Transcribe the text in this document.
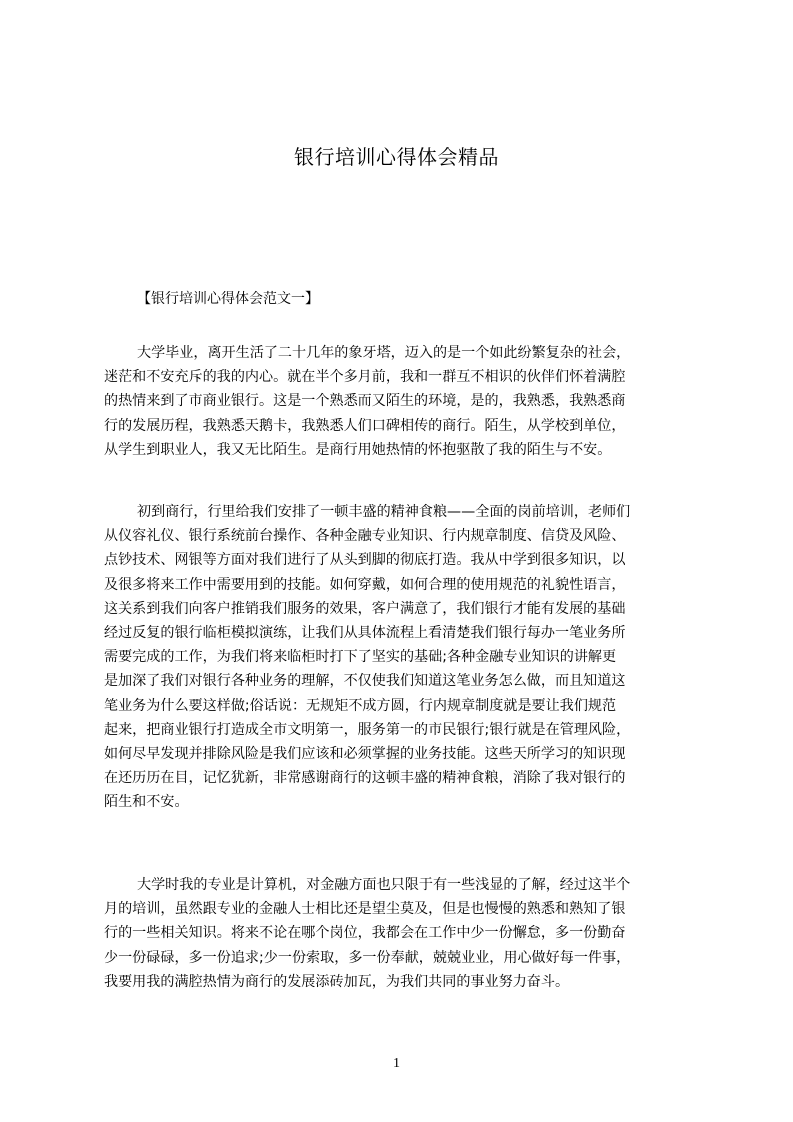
银行培训心得体会精品
【银行培训心得体会范文一】
大学毕业，离开生活了二十几年的象牙塔，迈入的是一个如此纷繁复杂的社会，
迷茫和不安充斥的我的内心。就在半个多月前，我和一群互不相识的伙伴们怀着满腔
的热情来到了市商业银行。这是一个熟悉而又陌生的环境，是的，我熟悉，我熟悉商
行的发展历程，我熟悉天鹅卡，我熟悉人们口碑相传的商行。陌生，从学校到单位，
从学生到职业人，我又无比陌生。是商行用她热情的怀抱驱散了我的陌生与不安。
初到商行，行里给我们安排了一顿丰盛的精神食粮——全面的岗前培训，老师们
从仪容礼仪、银行系统前台操作、各种金融专业知识、行内规章制度、信贷及风险、
点钞技术、网银等方面对我们进行了从头到脚的彻底打造。我从中学到很多知识，以
及很多将来工作中需要用到的技能。如何穿戴，如何合理的使用规范的礼貌性语言，
这关系到我们向客户推销我们服务的效果，客户满意了，我们银行才能有发展的基础
经过反复的银行临柜模拟演练，让我们从具体流程上看清楚我们银行每办一笔业务所
需要完成的工作，为我们将来临柜时打下了坚实的基础;各种金融专业知识的讲解更
是加深了我们对银行各种业务的理解，不仅使我们知道这笔业务怎么做，而且知道这
笔业务为什么要这样做;俗话说：无规矩不成方圆，行内规章制度就是要让我们规范
起来，把商业银行打造成全市文明第一，服务第一的市民银行;银行就是在管理风险，
如何尽早发现并排除风险是我们应该和必须掌握的业务技能。这些天所学习的知识现
在还历历在目，记忆犹新，非常感谢商行的这顿丰盛的精神食粮，消除了我对银行的
陌生和不安。
大学时我的专业是计算机，对金融方面也只限于有一些浅显的了解，经过这半个
月的培训，虽然跟专业的金融人士相比还是望尘莫及，但是也慢慢的熟悉和熟知了银
行的一些相关知识。将来不论在哪个岗位，我都会在工作中少一份懈怠，多一份勤奋
少一份碌碌，多一份追求;少一份索取，多一份奉献，兢兢业业，用心做好每一件事，
我要用我的满腔热情为商行的发展添砖加瓦，为我们共同的事业努力奋斗。
1
